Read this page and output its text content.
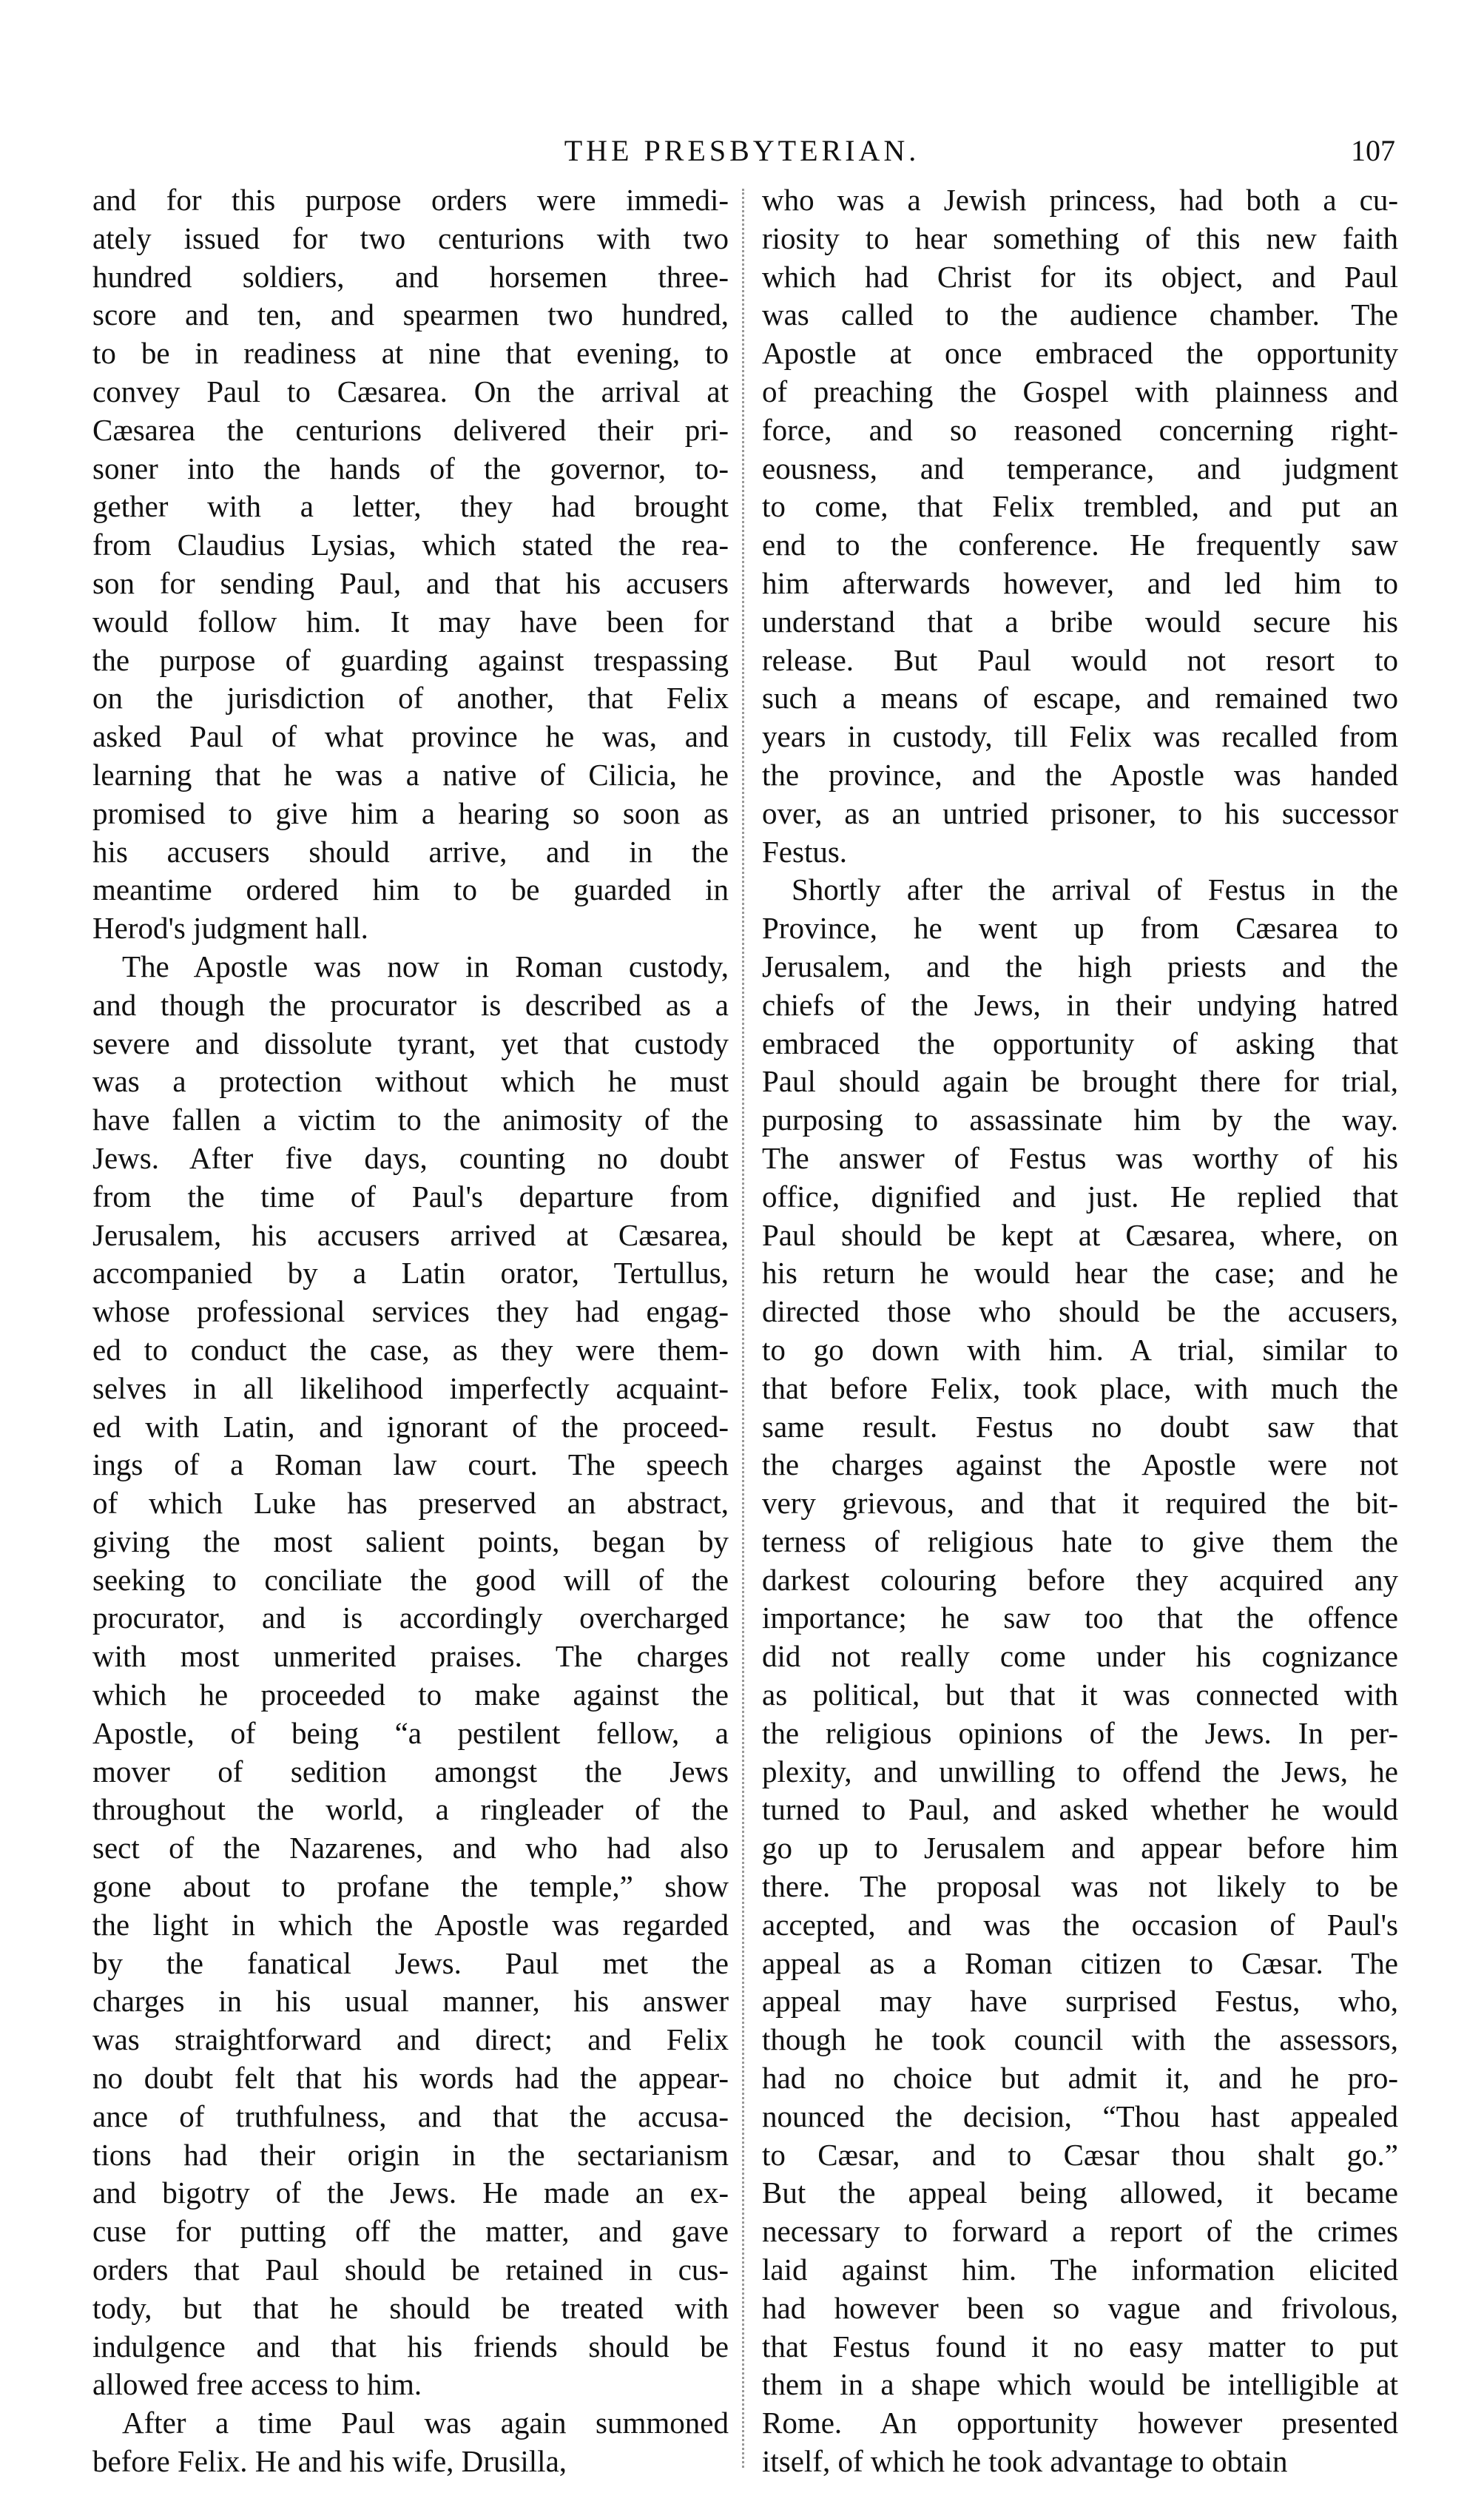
THE PRESBYTERIAN.	107
and for this purpose orders were immedi-
ately issued for two centurions with two
hundred soldiers, and horsemen three-
score and ten, and spearmen two hundred,
to be in readiness at nine that evening, to
convey Paul to Cæsarea. On the arrival at
Cæsarea the centurions delivered their pri-
soner into the hands of the governor, to-
gether with a letter, they had brought
from Claudius Lysias, which stated the rea-
son for sending Paul, and that his accusers
would follow him. It may have been for
the purpose of guarding against trespassing
on the jurisdiction of another, that Felix
asked Paul of what province he was, and
learning that he was a native of Cilicia, he
promised to give him a hearing so soon as
his accusers should arrive, and in the
meantime ordered him to be guarded in
Herod's judgment hall.
The Apostle was now in Roman custody,
and though the procurator is described as a
severe and dissolute tyrant, yet that custody
was a protection without which he must
have fallen a victim to the animosity of the
Jews. After five days, counting no doubt
from the time of Paul's departure from
Jerusalem, his accusers arrived at Cæsarea,
accompanied by a Latin orator, Tertullus,
whose professional services they had engag-
ed to conduct the case, as they were them-
selves in all likelihood imperfectly acquaint-
ed with Latin, and ignorant of the proceed-
ings of a Roman law court. The speech
of which Luke has preserved an abstract,
giving the most salient points, began by
seeking to conciliate the good will of the
procurator, and is accordingly overcharged
with most unmerited praises. The charges
which he proceeded to make against the
Apostle, of being “a pestilent fellow, a
mover of sedition amongst the Jews
throughout the world, a ringleader of the
sect of the Nazarenes, and who had also
gone about to profane the temple,” show
the light in which the Apostle was regarded
by the fanatical Jews. Paul met the
charges in his usual manner, his answer
was straightforward and direct; and Felix
no doubt felt that his words had the appear-
ance of truthfulness, and that the accusa-
tions had their origin in the sectarianism
and bigotry of the Jews. He made an ex-
cuse for putting off the matter, and gave
orders that Paul should be retained in cus-
tody, but that he should be treated with
indulgence and that his friends should be
allowed free access to him.
After a time Paul was again summoned
before Felix. He and his wife, Drusilla,
who was a Jewish princess, had both a cu-
riosity to hear something of this new faith
which had Christ for its object, and Paul
was called to the audience chamber. The
Apostle at once embraced the opportunity
of preaching the Gospel with plainness and
force, and so reasoned concerning right-
eousness, and temperance, and judgment
to come, that Felix trembled, and put an
end to the conference. He frequently saw
him afterwards however, and led him to
understand that a bribe would secure his
release. But Paul would not resort to
such a means of escape, and remained two
years in custody, till Felix was recalled from
the province, and the Apostle was handed
over, as an untried prisoner, to his successor
Festus.
Shortly after the arrival of Festus in the
Province, he went up from Cæsarea to
Jerusalem, and the high priests and the
chiefs of the Jews, in their undying hatred
embraced the opportunity of asking that
Paul should again be brought there for trial,
purposing to assassinate him by the way.
The answer of Festus was worthy of his
office, dignified and just. He replied that
Paul should be kept at Cæsarea, where, on
his return he would hear the case; and he
directed those who should be the accusers,
to go down with him. A trial, similar to
that before Felix, took place, with much the
same result. Festus no doubt saw that
the charges against the Apostle were not
very grievous, and that it required the bit-
terness of religious hate to give them the
darkest colouring before they acquired any
importance; he saw too that the offence
did not really come under his cognizance
as political, but that it was connected with
the religious opinions of the Jews. In per-
plexity, and unwilling to offend the Jews, he
turned to Paul, and asked whether he would
go up to Jerusalem and appear before him
there. The proposal was not likely to be
accepted, and was the occasion of Paul's
appeal as a Roman citizen to Cæsar. The
appeal may have surprised Festus, who,
though he took council with the assessors,
had no choice but admit it, and he pro-
nounced the decision, “Thou hast appealed
to Cæsar, and to Cæsar thou shalt go.”
But the appeal being allowed, it became
necessary to forward a report of the crimes
laid against him. The information elicited
had however been so vague and frivolous,
that Festus found it no easy matter to put
them in a shape which would be intelligible at
Rome. An opportunity however presented
itself, of which he took advantage to obtain
